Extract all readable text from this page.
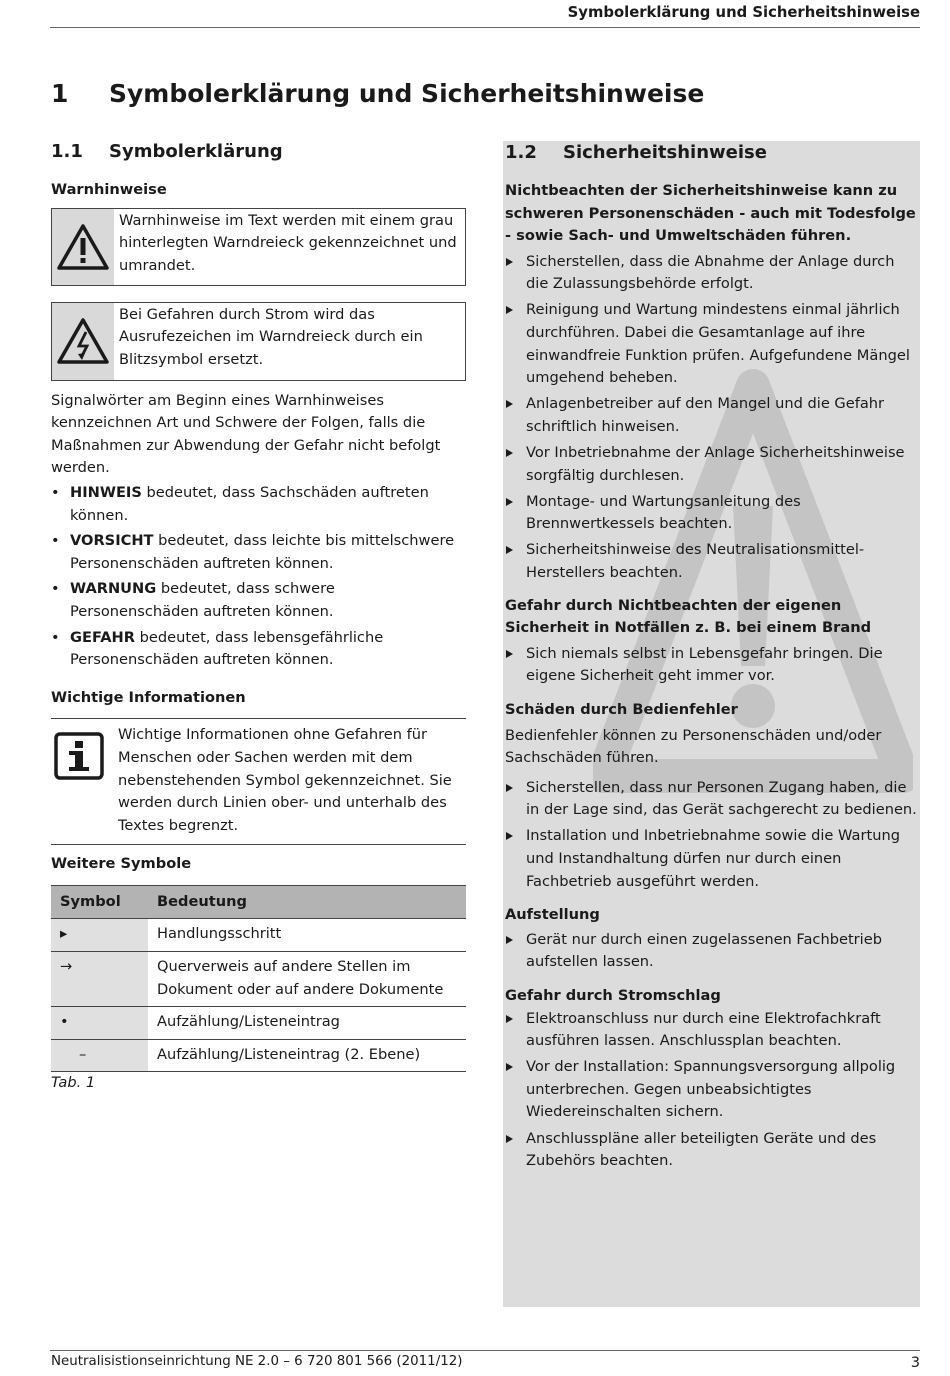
Symbolerklärung und Sicherheitshinweise
1 Symbolerklärung und Sicherheitshinweise
1.1 Symbolerklärung
Warnhinweise
Warnhinweise im Text werden mit einem grau hinterlegten Warndreieck gekennzeichnet und umrandet.
Bei Gefahren durch Strom wird das Ausrufezeichen im Warndreieck durch ein Blitzsymbol ersetzt.

Signalwörter am Beginn eines Warnhinweises kennzeichnen Art und Schwere der Folgen, falls die Maßnahmen zur Abwendung der Gefahr nicht befolgt werden.

• HINWEIS bedeutet, dass Sachschäden auftreten können.
• VORSICHT bedeutet, dass leichte bis mittelschwere Personenschäden auftreten können.
• WARNUNG bedeutet, dass schwere Personenschäden auftreten können.
• GEFAHR bedeutet, dass lebensgefährliche Personenschäden auftreten können.
Wichtige Informationen
Wichtige Informationen ohne Gefahren für Menschen oder Sachen werden mit dem nebenstehenden Symbol gekennzeichnet. Sie werden durch Linien ober- und unterhalb des Textes begrenzt.
Weitere Symbole
Symbol	Bedeutung
▸	Handlungsschritt
→	Querverweis auf andere Stellen im Dokument oder auf andere Dokumente
•	Aufzählung/Listeneintrag
–	Aufzählung/Listeneintrag (2. Ebene)

Tab. 1

1.2 Sicherheitshinweise
Nichtbeachten der Sicherheitshinweise kann zu schweren Personenschäden - auch mit Todesfolge - sowie Sach- und Umweltschäden führen.
Sicherstellen, dass die Abnahme der Anlage durch die Zulassungsbehörde erfolgt.
Reinigung und Wartung mindestens einmal jährlich durchführen. Dabei die Gesamtanlage auf ihre einwandfreie Funktion prüfen. Aufgefundene Mängel umgehend beheben.
Anlagenbetreiber auf den Mangel und die Gefahr schriftlich hinweisen.
Vor Inbetriebnahme der Anlage Sicherheitshinweise sorgfältig durchlesen.
Montage- und Wartungsanleitung des Brennwertkessels beachten.
Sicherheitshinweise des Neutralisationsmittel-Herstellers beachten.
Gefahr durch Nichtbeachten der eigenen Sicherheit in Notfällen z. B. bei einem Brand
Sich niemals selbst in Lebensgefahr bringen. Die eigene Sicherheit geht immer vor.
Schäden durch Bedienfehler

Bedienfehler können zu Personenschäden und/oder Sachschäden führen.

Sicherstellen, dass nur Personen Zugang haben, die in der Lage sind, das Gerät sachgerecht zu bedienen.
Installation und Inbetriebnahme sowie die Wartung und Instandhaltung dürfen nur durch einen Fachbetrieb ausgeführt werden.
Aufstellung
Gerät nur durch einen zugelassenen Fachbetrieb aufstellen lassen.
Gefahr durch Stromschlag
Elektroanschluss nur durch eine Elektrofachkraft ausführen lassen. Anschlussplan beachten.
Vor der Installation: Spannungsversorgung allpolig unterbrechen. Gegen unbeabsichtigtes Wiedereinschalten sichern.
Anschlusspläne aller beteiligten Geräte und des Zubehörs beachten.
Neutralisistionseinrichtung NE 2.0 – 6 720 801 566 (2011/12)	3
